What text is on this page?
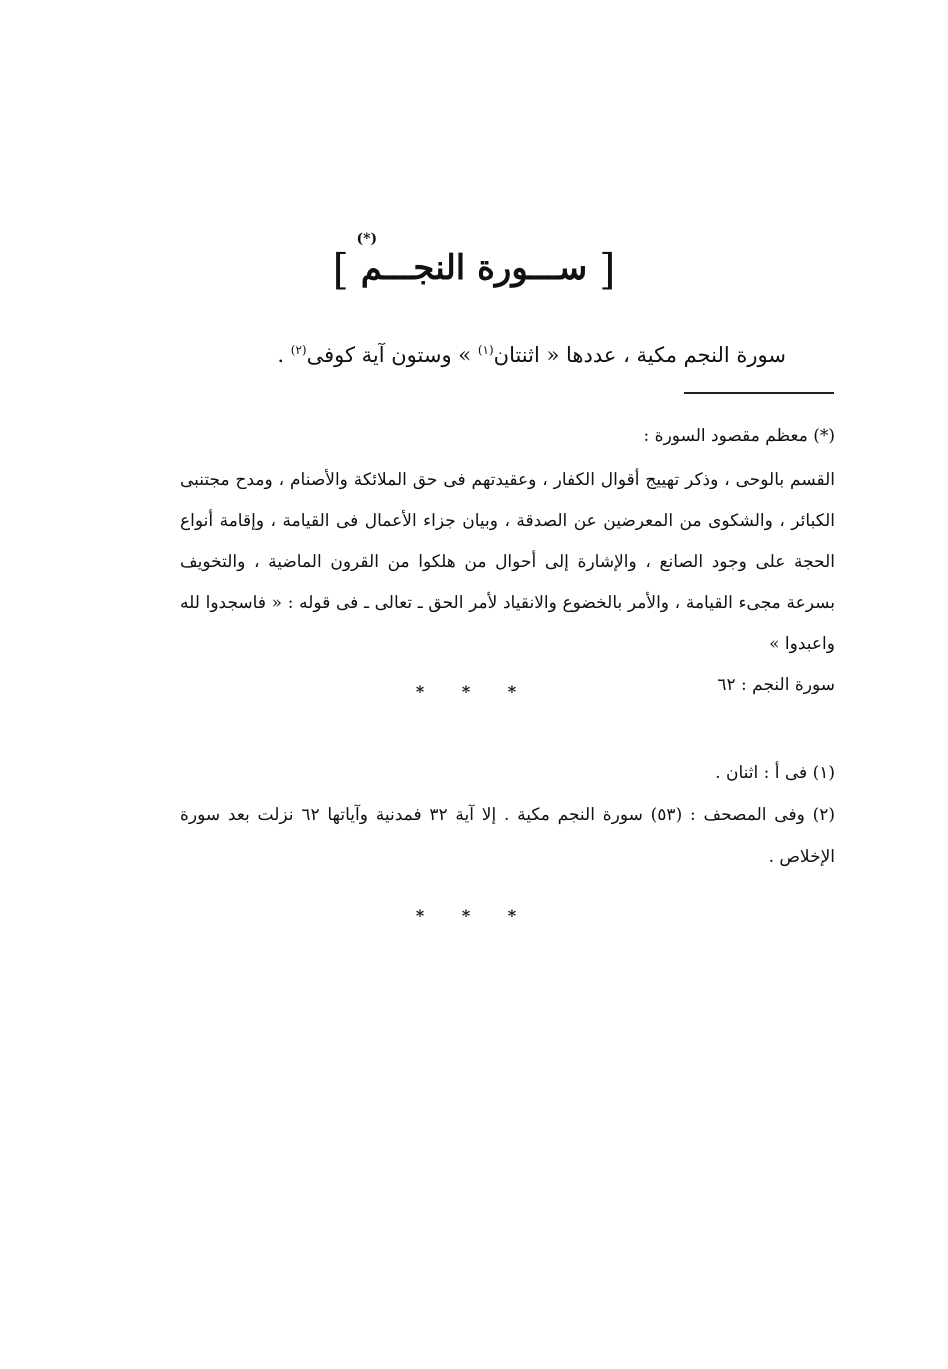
[ ســـورة النجـــم ]
(*)
سورة النجم مكية ، عددها « اثنتان$^{(١)}$ » وستون آية كوفى$^{(٢)}$ .

(*) معظم مقصود السورة :

القسم بالوحى ، وذكر تهييج أقوال الكفار ، وعقيدتهم فى حق الملائكة والأصنام ، ومدح مجتنبى الكبائر ، والشكوى من المعرضين عن الصدقة ، وبيان جزاء الأعمال فى القيامة ، وإقامة أنواع الحجة على وجود الصانع ، والإشارة إلى أحوال من هلكوا من القرون الماضية ، والتخويف بسرعة مجىء القيامة ، والأمر بالخضوع والانقياد لأمر الحق ـ تعالى ـ فى قوله : « فاسجدوا لله واعبدوا »

سورة النجم : ٦٢

* * *

(١) فى أ : اثنان .

(٢) وفى المصحف : (٥٣) سورة النجم مكية . إلا آية ٣٢ فمدنية وآياتها ٦٢ نزلت بعد سورة الإخلاص .

* * *
